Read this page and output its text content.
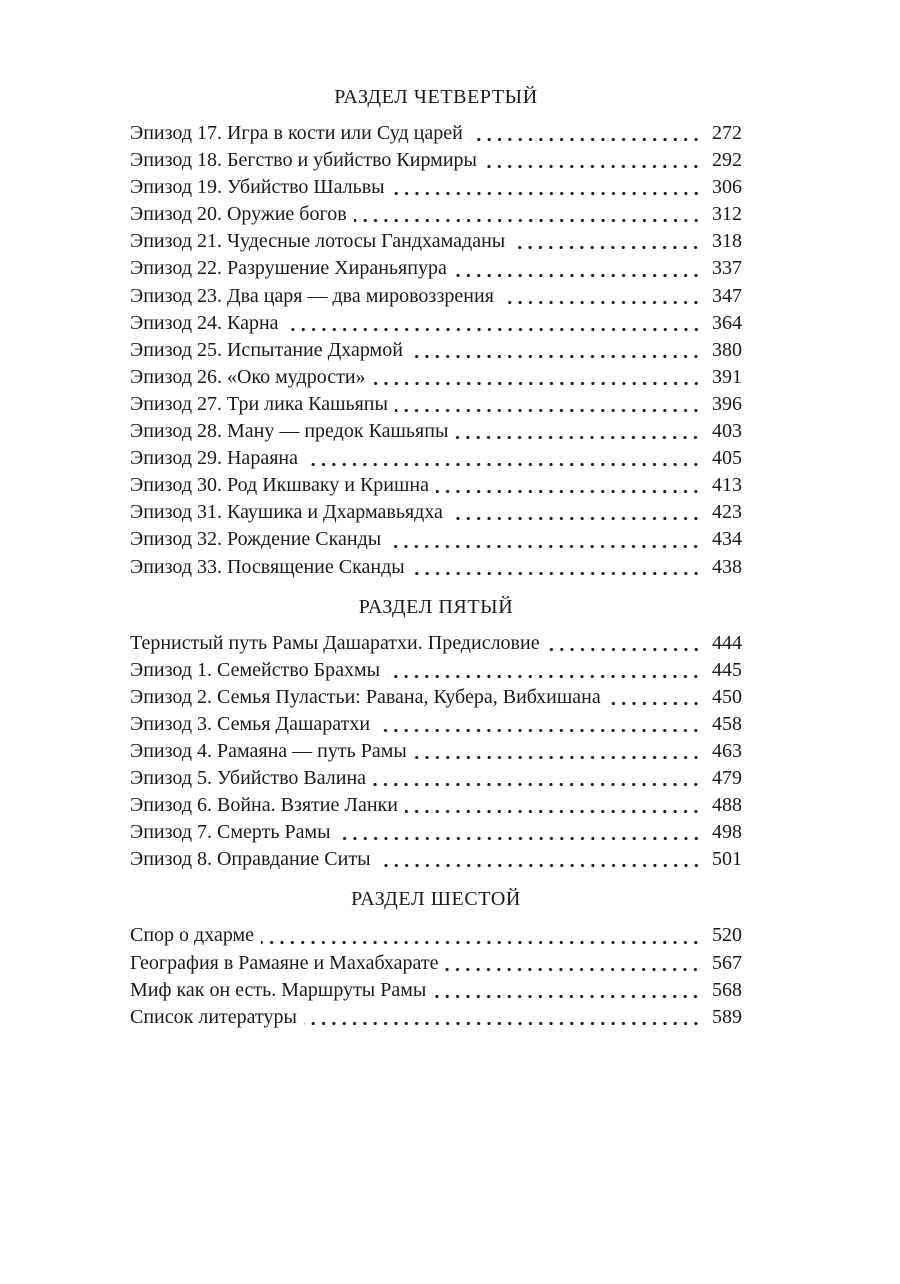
РАЗДЕЛ ЧЕТВЕРТЫЙ
Эпизод 17. Игра в кости или Суд царей	272
Эпизод 18. Бегство и убийство Кирмиры	292
Эпизод 19. Убийство Шальвы	306
Эпизод 20. Оружие богов	312
Эпизод 21. Чудесные лотосы Гандхамаданы	318
Эпизод 22. Разрушение Хираньяпура	337
Эпизод 23. Два царя — два мировоззрения	347
Эпизод 24. Карна	364
Эпизод 25. Испытание Дхармой	380
Эпизод 26. «Око мудрости»	391
Эпизод 27. Три лика Кашьяпы	396
Эпизод 28. Ману — предок Кашьяпы	403
Эпизод 29. Нараяна	405
Эпизод 30. Род Икшваку и Кришна	413
Эпизод 31. Каушика и Дхармавьядха	423
Эпизод 32. Рождение Сканды	434
Эпизод 33. Посвящение Сканды	438
РАЗДЕЛ ПЯТЫЙ
Тернистый путь Рамы Дашаратхи. Предисловие	444
Эпизод 1. Семейство Брахмы	445
Эпизод 2. Семья Пуластьи: Равана, Кубера, Вибхишана	450
Эпизод 3. Семья Дашаратхи	458
Эпизод 4. Рамаяна — путь Рамы	463
Эпизод 5. Убийство Валина	479
Эпизод 6. Война. Взятие Ланки	488
Эпизод 7. Смерть Рамы	498
Эпизод 8. Оправдание Ситы	501
РАЗДЕЛ ШЕСТОЙ
Спор о дхарме	520
География в Рамаяне и Махабхарате	567
Миф как он есть. Маршруты Рамы	568
Список литературы	589
